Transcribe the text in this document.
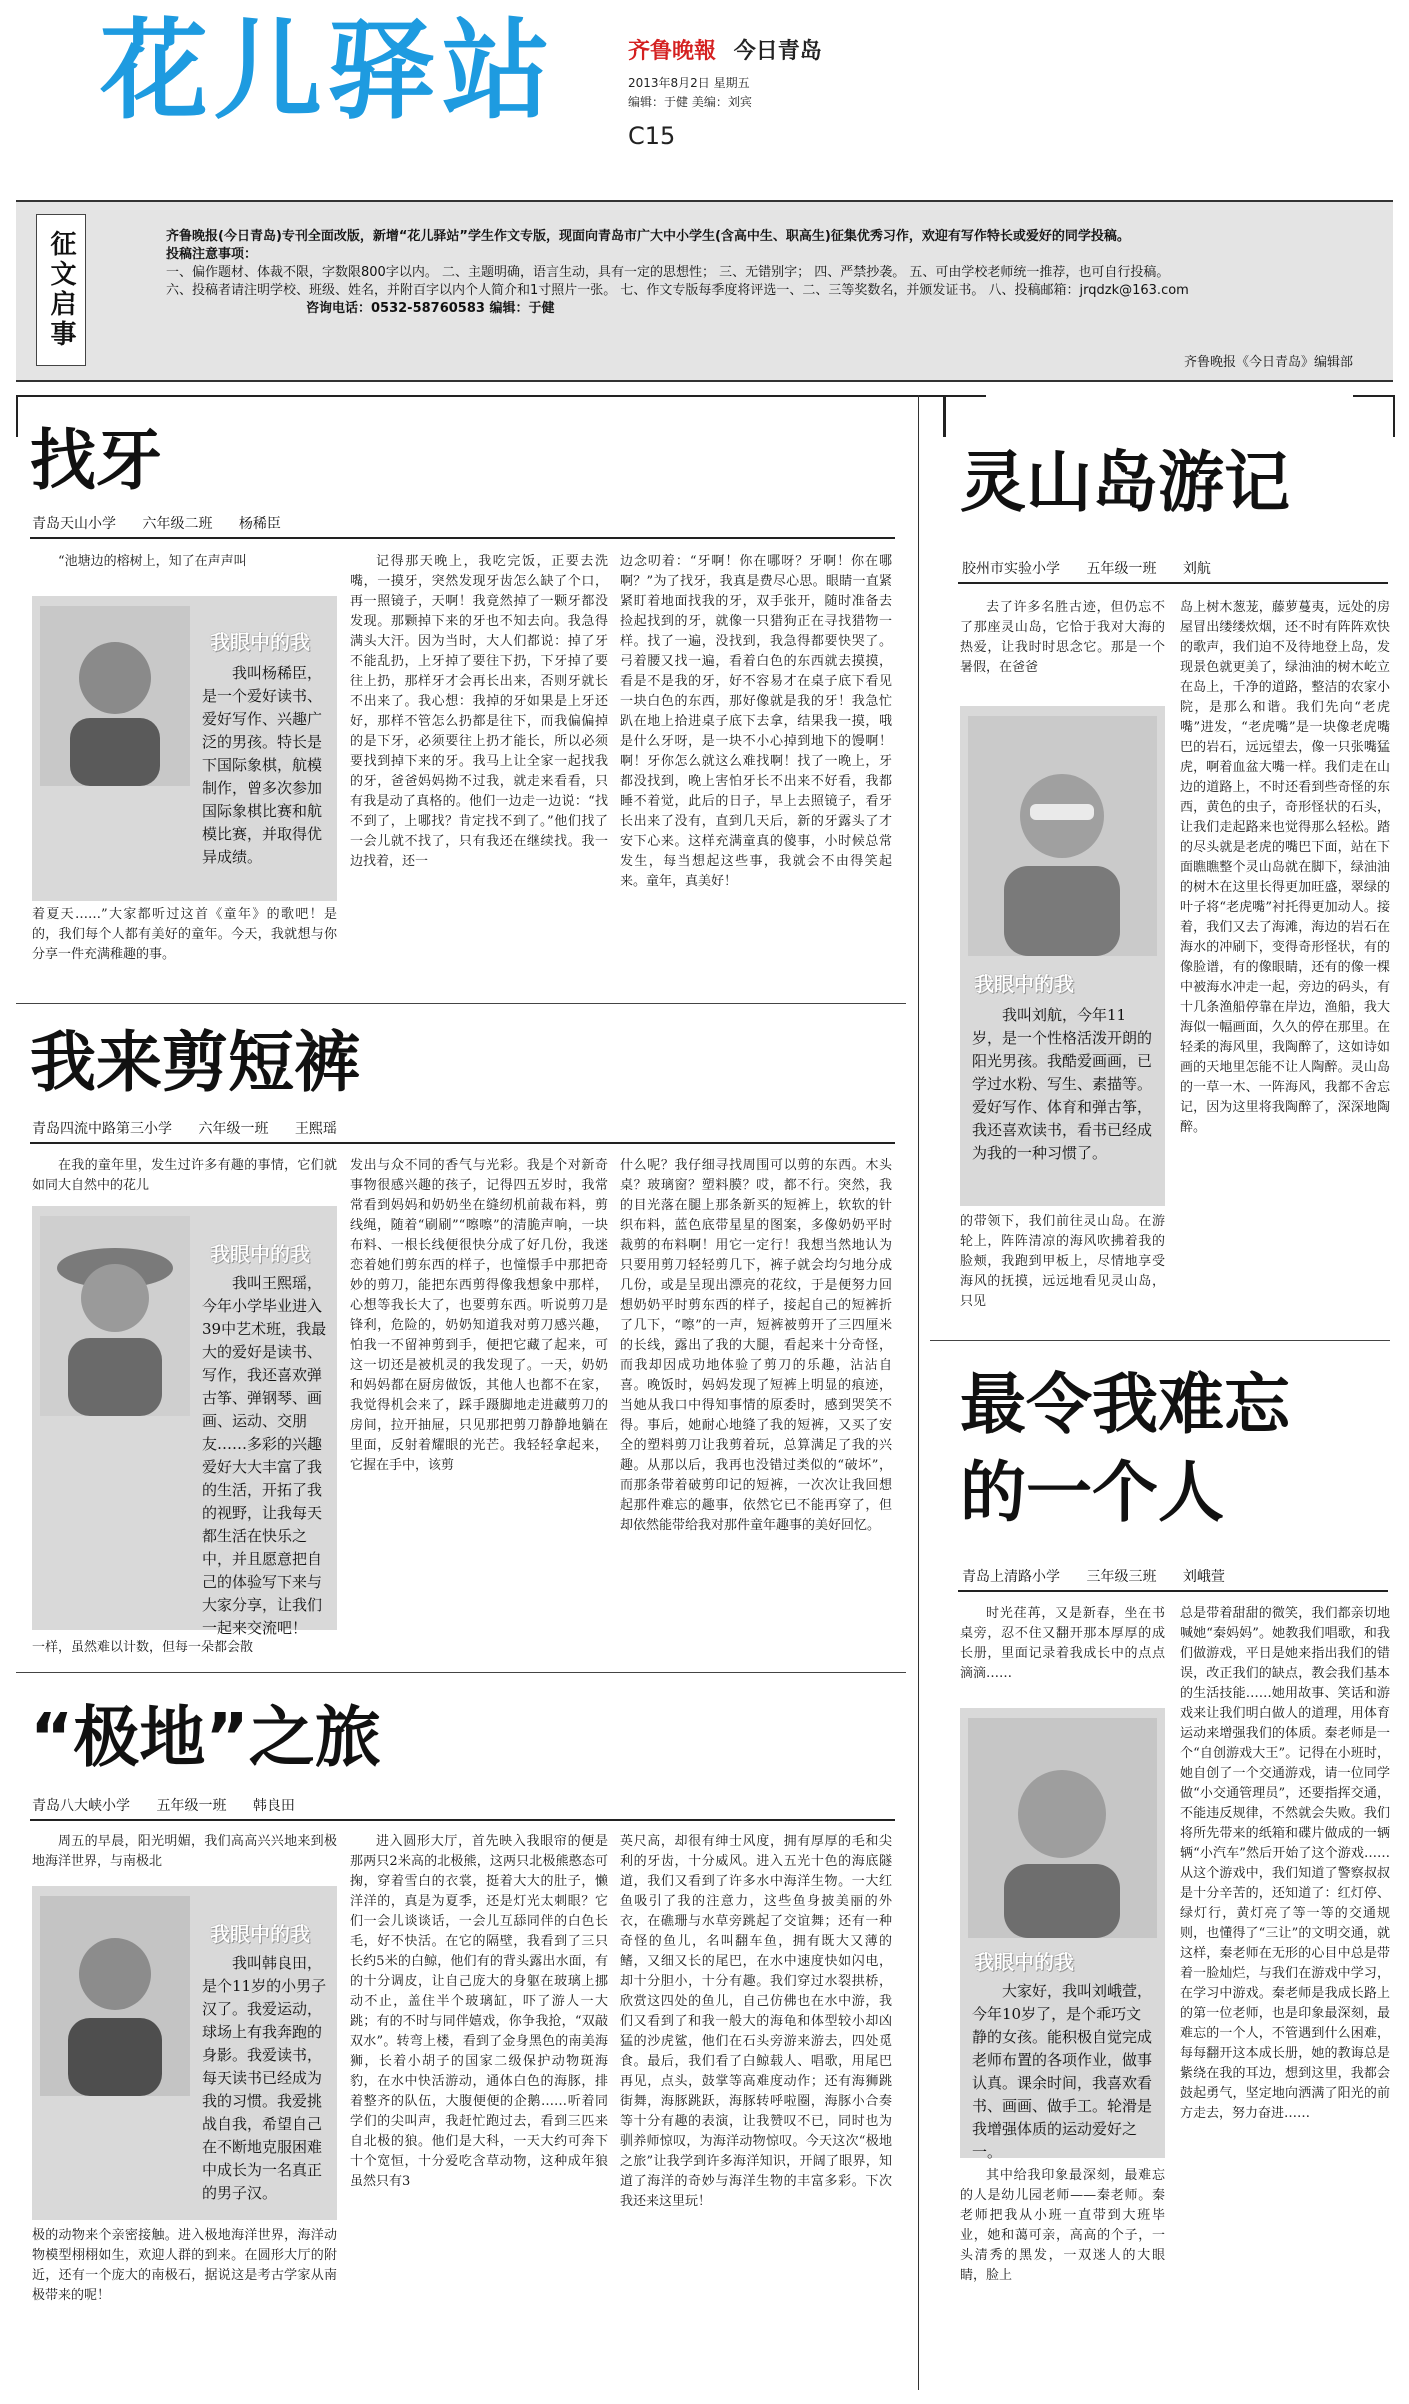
花儿驿站	齐鲁晚報 今日青岛
2013年8月2日 星期五
编辑：于健 美编：刘宾
C15
征文启事	齐鲁晚报(今日青岛)专刊全面改版，新增“花儿驿站”学生作文专版，现面向青岛市广大中小学生(含高中生、职高生)征集优秀习作，欢迎有写作特长或爱好的同学投稿。
投稿注意事项：
一、偏作题材、体裁不限，字数限800字以内。 二、主题明确，语言生动，具有一定的思想性； 三、无错别字； 四、严禁抄袭。 五、可由学校老师统一推荐，也可自行投稿。
六、投稿者请注明学校、班级、姓名，并附百字以内个人简介和1寸照片一张。 七、作文专版每季度将评选一、二、三等奖数名，并颁发证书。 八、投稿邮箱：jrqdzk@163.com
咨询电话：0532-58760583 编辑：于健
齐鲁晚报《今日青岛》编辑部
找牙
青岛天山小学 六年级二班 杨稀臣

“池塘边的榕树上，知了在声声叫

我眼中的我

我叫杨稀臣，是一个爱好读书、爱好写作、兴趣广泛的男孩。特长是下国际象棋，航模制作，曾多次参加国际象棋比赛和航模比赛，并取得优异成绩。

着夏天……”大家都听过这首《童年》的歌吧！是的，我们每个人都有美好的童年。今天，我就想与你分享一件充满稚趣的事。

记得那天晚上，我吃完饭，正要去洗嘴，一摸牙，突然发现牙齿怎么缺了个口，再一照镜子，天啊！我竟然掉了一颗牙都没发现。那颗掉下来的牙也不知去向。我急得满头大汗。因为当时，大人们都说：掉了牙不能乱扔，上牙掉了要往下扔，下牙掉了要往上扔，那样牙才会再长出来，否则牙就长不出来了。我心想：我掉的牙如果是上牙还好，那样不管怎么扔都是往下，而我偏偏掉的是下牙，必须要往上扔才能长，所以必须要找到掉下来的牙。我马上让全家一起找我的牙，爸爸妈妈拗不过我，就走来看看，只有我是动了真格的。他们一边走一边说：“找不到了，上哪找？肯定找不到了。”他们找了一会儿就不找了，只有我还在继续找。我一边找着，还一

边念叨着：“牙啊！你在哪呀？牙啊！你在哪啊？”为了找牙，我真是费尽心思。眼睛一直紧紧盯着地面找我的牙，双手张开，随时准备去捡起找到的牙，就像一只猎狗正在寻找猎物一样。找了一遍，没找到，我急得都要快哭了。弓着腰又找一遍，看着白色的东西就去摸摸，看是不是我的牙，好不容易才在桌子底下看见一块白色的东西，那好像就是我的牙！我急忙趴在地上拾进桌子底下去拿，结果我一摸，哦是什么牙呀，是一块不小心掉到地下的馒啊！啊！牙你怎么就这么难找啊！找了一晚上，牙都没找到，晚上害怕牙长不出来不好看，我都睡不着觉，此后的日子，早上去照镜子，看牙长出来了没有，直到几天后，新的牙露头了才安下心来。这样充满童真的傻事，小时候总常发生，每当想起这些事，我就会不由得笑起来。童年，真美好！

我来剪短裤
青岛四流中路第三小学 六年级一班 王熙瑶

在我的童年里，发生过许多有趣的事情，它们就如同大自然中的花儿

我眼中的我

我叫王熙瑶，今年小学毕业进入39中艺术班，我最大的爱好是读书、写作，我还喜欢弹古筝、弹钢琴、画画、运动、交朋友……多彩的兴趣爱好大大丰富了我的生活，开拓了我的视野，让我每天都生活在快乐之中，并且愿意把自己的体验写下来与大家分享，让我们一起来交流吧！

一样，虽然难以计数，但每一朵都会散

发出与众不同的香气与光彩。我是个对新奇事物很感兴趣的孩子，记得四五岁时，我常常看到妈妈和奶奶坐在缝纫机前裁布料，剪线绳，随着“刷刷”“嚓嚓”的清脆声响，一块布料、一根长线便很快分成了好几份，我迷恋着她们剪东西的样子，也憧憬手中那把奇妙的剪刀，能把东西剪得像我想象中那样，心想等我长大了，也要剪东西。听说剪刀是锋利，危险的，奶奶知道我对剪刀感兴趣，怕我一不留神剪到手，便把它藏了起来，可这一切还是被机灵的我发现了。一天，奶奶和妈妈都在厨房做饭，其他人也都不在家，我觉得机会来了，踩手蹑脚地走进藏剪刀的房间，拉开抽屉，只见那把剪刀静静地躺在里面，反射着耀眼的光芒。我轻轻拿起来，它握在手中，该剪

什么呢？我仔细寻找周围可以剪的东西。木头桌？玻璃窗？塑料膜？哎，都不行。突然，我的目光落在腿上那条新买的短裤上，软软的针织布料，蓝色底带星星的图案，多像奶奶平时裁剪的布料啊！用它一定行！我想当然地认为只要用剪刀轻轻剪几下，裤子就会均匀地分成几份，或是呈现出漂亮的花纹，于是便努力回想奶奶平时剪东西的样子，接起自己的短裤折了几下，“嚓”的一声，短裤被剪开了三四厘米的长线，露出了我的大腿，看起来十分奇怪，而我却因成功地体验了剪刀的乐趣，沾沾自喜。晚饭时，妈妈发现了短裤上明显的痕迹，当她从我口中得知事情的原委时，感到哭笑不得。事后，她耐心地缝了我的短裤，又买了安全的塑料剪刀让我剪着玩，总算满足了我的兴趣。从那以后，我再也没错过类似的“破坏”，而那条带着破剪印记的短裤，一次次让我回想起那件难忘的趣事，依然它已不能再穿了，但却依然能带给我对那件童年趣事的美好回忆。

“极地”之旅
青岛八大峡小学 五年级一班 韩良田

周五的早晨，阳光明媚，我们高高兴兴地来到极地海洋世界，与南极北

我眼中的我

我叫韩良田，是个11岁的小男子汉了。我爱运动，球场上有我奔跑的身影。我爱读书，每天读书已经成为我的习惯。我爱挑战自我，希望自己在不断地克服困难中成长为一名真正的男子汉。

极的动物来个亲密接触。进入极地海洋世界，海洋动物模型栩栩如生，欢迎人群的到来。在圆形大厅的附近，还有一个庞大的南极石，据说这是考古学家从南极带来的呢！

进入圆形大厅，首先映入我眼帘的便是那两只2米高的北极熊，这两只北极熊憨态可掬，穿着雪白的衣裳，挺着大大的肚子，懒洋洋的，真是为夏季，还是灯光太刺眼？它们一会儿谈谈话，一会儿互舔同伴的白色长毛，好不快活。在它的隔壁，我看到了三只长约5米的白鲸，他们有的背头露出水面，有的十分调皮，让自己庞大的身躯在玻璃上挪动不止，盖住半个玻璃缸，吓了游人一大跳；有的不时与同伴嬉戏，你争我抢，“双敲双水”。转弯上楼，看到了金身黑色的南美海狮，长着小胡子的国家二级保护动物斑海豹，在水中快活游动，通体白色的海豚，排着整齐的队伍，大腹便便的企鹅……听着同学们的尖叫声，我赶忙跑过去，看到三匹来自北极的狼。他们是大科，一天大约可奔下十个宽恒，十分爱吃含草动物，这种成年狼虽然只有3

英尺高，却很有绅士风度，拥有厚厚的毛和尖利的牙齿，十分威风。进入五光十色的海底隧道，我们又看到了许多水中海洋生物。一大红鱼吸引了我的注意力，这些鱼身披美丽的外衣，在礁珊与水草旁跳起了交谊舞；还有一种奇怪的鱼儿，名叫翻车鱼，拥有既大又薄的鳍，又细又长的尾巴，在水中速度快如闪电，却十分胆小，十分有趣。我们穿过水裂拱桥，欣赏这四处的鱼儿，自己仿佛也在水中游，我们又看到了和我一般大的海龟和体型较小却凶猛的沙虎鲨，他们在石头旁游来游去，四处觅食。最后，我们看了白鲸载人、唱歌，用尾巴再见，点头，鼓掌等高难度动作；还有海狮跳街舞，海豚跳跃，海豚转呼啦圈，海豚小合奏等十分有趣的表演，让我赞叹不已，同时也为驯养师惊叹，为海洋动物惊叹。今天这次“极地之旅”让我学到许多海洋知识，开阔了眼界，知道了海洋的奇妙与海洋生物的丰富多彩。下次我还来这里玩！

灵山岛游记
胶州市实验小学 五年级一班 刘航

去了许多名胜古迹，但仍忘不了那座灵山岛，它恰于我对大海的热爱，让我时时思念它。那是一个暑假，在爸爸

我眼中的我

我叫刘航，今年11岁，是一个性格活泼开朗的阳光男孩。我酷爱画画，已学过水粉、写生、素描等。爱好写作、体育和弹古筝，我还喜欢读书，看书已经成为我的一种习惯了。

的带领下，我们前往灵山岛。在游轮上，阵阵清凉的海风吹拂着我的脸颊，我跑到甲板上，尽情地享受海风的抚摸，远远地看见灵山岛，只见

岛上树木葱茏，藤萝蔓夷，远处的房屋冒出缕缕炊烟，还不时有阵阵欢快的歌声，我们迫不及待地登上岛，发现景色就更美了，绿油油的树木屹立在岛上，千净的道路，整洁的农家小院，是那么和谐。我们先向“老虎嘴”进发，“老虎嘴”是一块像老虎嘴巴的岩石，远远望去，像一只张嘴猛虎，啊着血盆大嘴一样。我们走在山边的道路上，不时还看到些奇怪的东西，黄色的虫子，奇形怪状的石头，让我们走起路来也觉得那么轻松。踏的尽头就是老虎的嘴巴下面，站在下面瞧瞧整个灵山岛就在脚下，绿油油的树木在这里长得更加旺盛，翠绿的叶子将“老虎嘴”衬托得更加动人。接着，我们又去了海滩，海边的岩石在海水的冲刷下，变得奇形怪状，有的像脸谱，有的像眼睛，还有的像一棵中被海水冲走一起，旁边的码头，有十几条渔船停靠在岸边，渔船，我大海似一幅画面，久久的停在那里。在轻柔的海风里，我陶醉了，这如诗如画的天地里怎能不让人陶醉。灵山岛的一草一木、一阵海风，我都不舍忘记，因为这里将我陶醉了，深深地陶醉。

最令我难忘
的一个人
青岛上清路小学 三年级三班 刘峨萱

时光荏苒，又是新春，坐在书桌旁，忍不住又翻开那本厚厚的成长册，里面记录着我成长中的点点滴滴……

我眼中的我

大家好，我叫刘峨萱，今年10岁了，是个乖巧文静的女孩。能积极自觉完成老师布置的各项作业，做事认真。课余时间，我喜欢看书、画画、做手工。轮滑是我增强体质的运动爱好之一。

其中给我印象最深刻，最难忘的人是幼儿园老师——秦老师。秦老师把我从小班一直带到大班毕业，她和蔼可亲，高高的个子，一头清秀的黑发，一双迷人的大眼睛，脸上

总是带着甜甜的微笑，我们都亲切地喊她“秦妈妈”。她教我们唱歌，和我们做游戏，平日是她来指出我们的错误，改正我们的缺点，教会我们基本的生活技能……她用故事、笑话和游戏来让我们明白做人的道理，用体育运动来增强我们的体质。秦老师是一个“自创游戏大王”。记得在小班时，她自创了一个交通游戏，请一位同学做“小交通管理员”，还要指挥交通，不能违反规律，不然就会失败。我们将所先带来的纸箱和碟片做成的一辆辆“小汽车”然后开始了这个游戏……从这个游戏中，我们知道了警察叔叔是十分辛苦的，还知道了：红灯停、绿灯行，黄灯亮了等一等的交通规则，也懂得了“三让”的文明交通，就这样，秦老师在无形的心目中总是带着一脸灿烂，与我们在游戏中学习，在学习中游戏。秦老师是我成长路上的第一位老师，也是印象最深刻，最难忘的一个人，不管遇到什么困难，每每翻开这本成长册，她的教诲总是紫绕在我的耳边，想到这里，我都会鼓起勇气，坚定地向洒满了阳光的前方走去，努力奋进……
